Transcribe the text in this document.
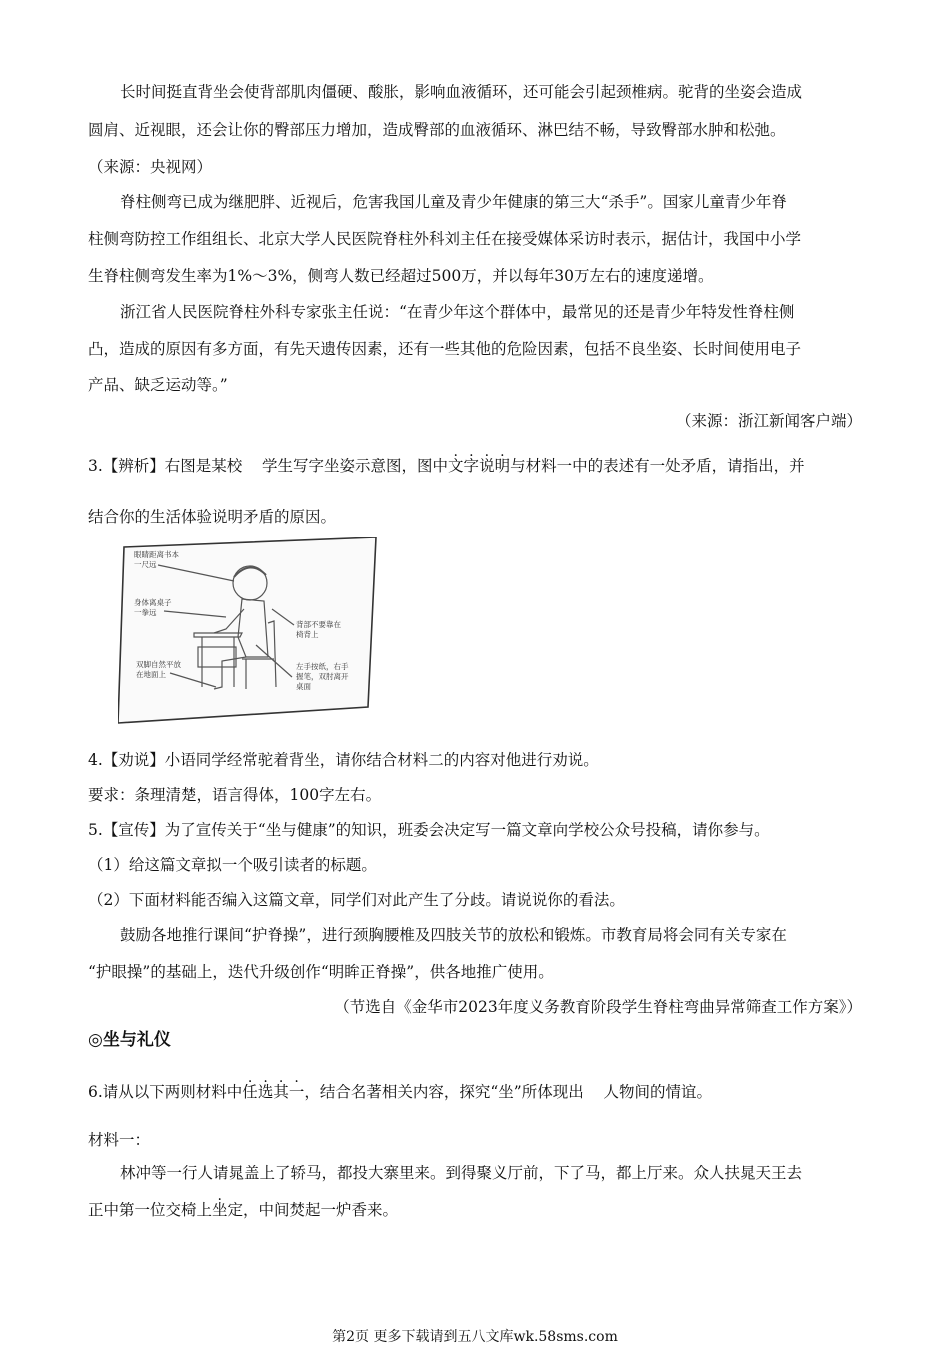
长时间挺直背坐会使背部肌肉僵硬、酸胀，影响血液循环，还可能会引起颈椎病。驼背的坐姿会造成
圆肩、近视眼，还会让你的臀部压力增加，造成臀部的血液循环、淋巴结不畅，导致臀部水肿和松弛。
（来源：央视网）
脊柱侧弯已成为继肥胖、近视后，危害我国儿童及青少年健康的第三大“杀手”。国家儿童青少年脊
柱侧弯防控工作组组长、北京大学人民医院脊柱外科刘主任在接受媒体采访时表示，据估计，我国中小学
生脊柱侧弯发生率为1%～3%，侧弯人数已经超过500万，并以每年30万左右的速度递增。
浙江省人民医院脊柱外科专家张主任说：“在青少年这个群体中，最常见的还是青少年特发性脊柱侧
凸，造成的原因有多方面，有先天遗传因素，还有一些其他的危险因素，包括不良坐姿、长时间使用电子
产品、缺乏运动等。”
（来源：浙江新闻客户端）
3.【辨析】右图是某校 学生写字坐姿示意图，图中文字说明与材料一中的表述有一处矛盾，请指出，并
结合你的生活体验说明矛盾的原因。
眼睛距离书本 一尺远
身体离桌子 一拳远
背部不要靠在 椅背上
双脚自然平放 在地面上
左手按纸，右手 握笔，双肘离开 桌面
4.【劝说】小语同学经常驼着背坐，请你结合材料二的内容对他进行劝说。
要求：条理清楚，语言得体，100字左右。
5.【宣传】为了宣传关于“坐与健康”的知识，班委会决定写一篇文章向学校公众号投稿，请你参与。
（1）给这篇文章拟一个吸引读者的标题。
（2）下面材料能否编入这篇文章，同学们对此产生了分歧。请说说你的看法。
鼓励各地推行课间“护脊操”，进行颈胸腰椎及四肢关节的放松和锻炼。市教育局将会同有关专家在
“护眼操”的基础上，迭代升级创作“明眸正脊操”，供各地推广使用。
（节选自《金华市2023年度义务教育阶段学生脊柱弯曲异常筛查工作方案》）
◎坐与礼仪
6.请从以下两则材料中任选其一，结合名著相关内容，探究“坐”所体现出 人物间的情谊。
材料一：
林冲等一行人请晁盖上了轿马，都投大寨里来。到得聚义厅前，下了马，都上厅来。众人扶晁天王去
正中第一位交椅上坐定，中间焚起一炉香来。
第2页 更多下载请到五八文库wk.58sms.com
